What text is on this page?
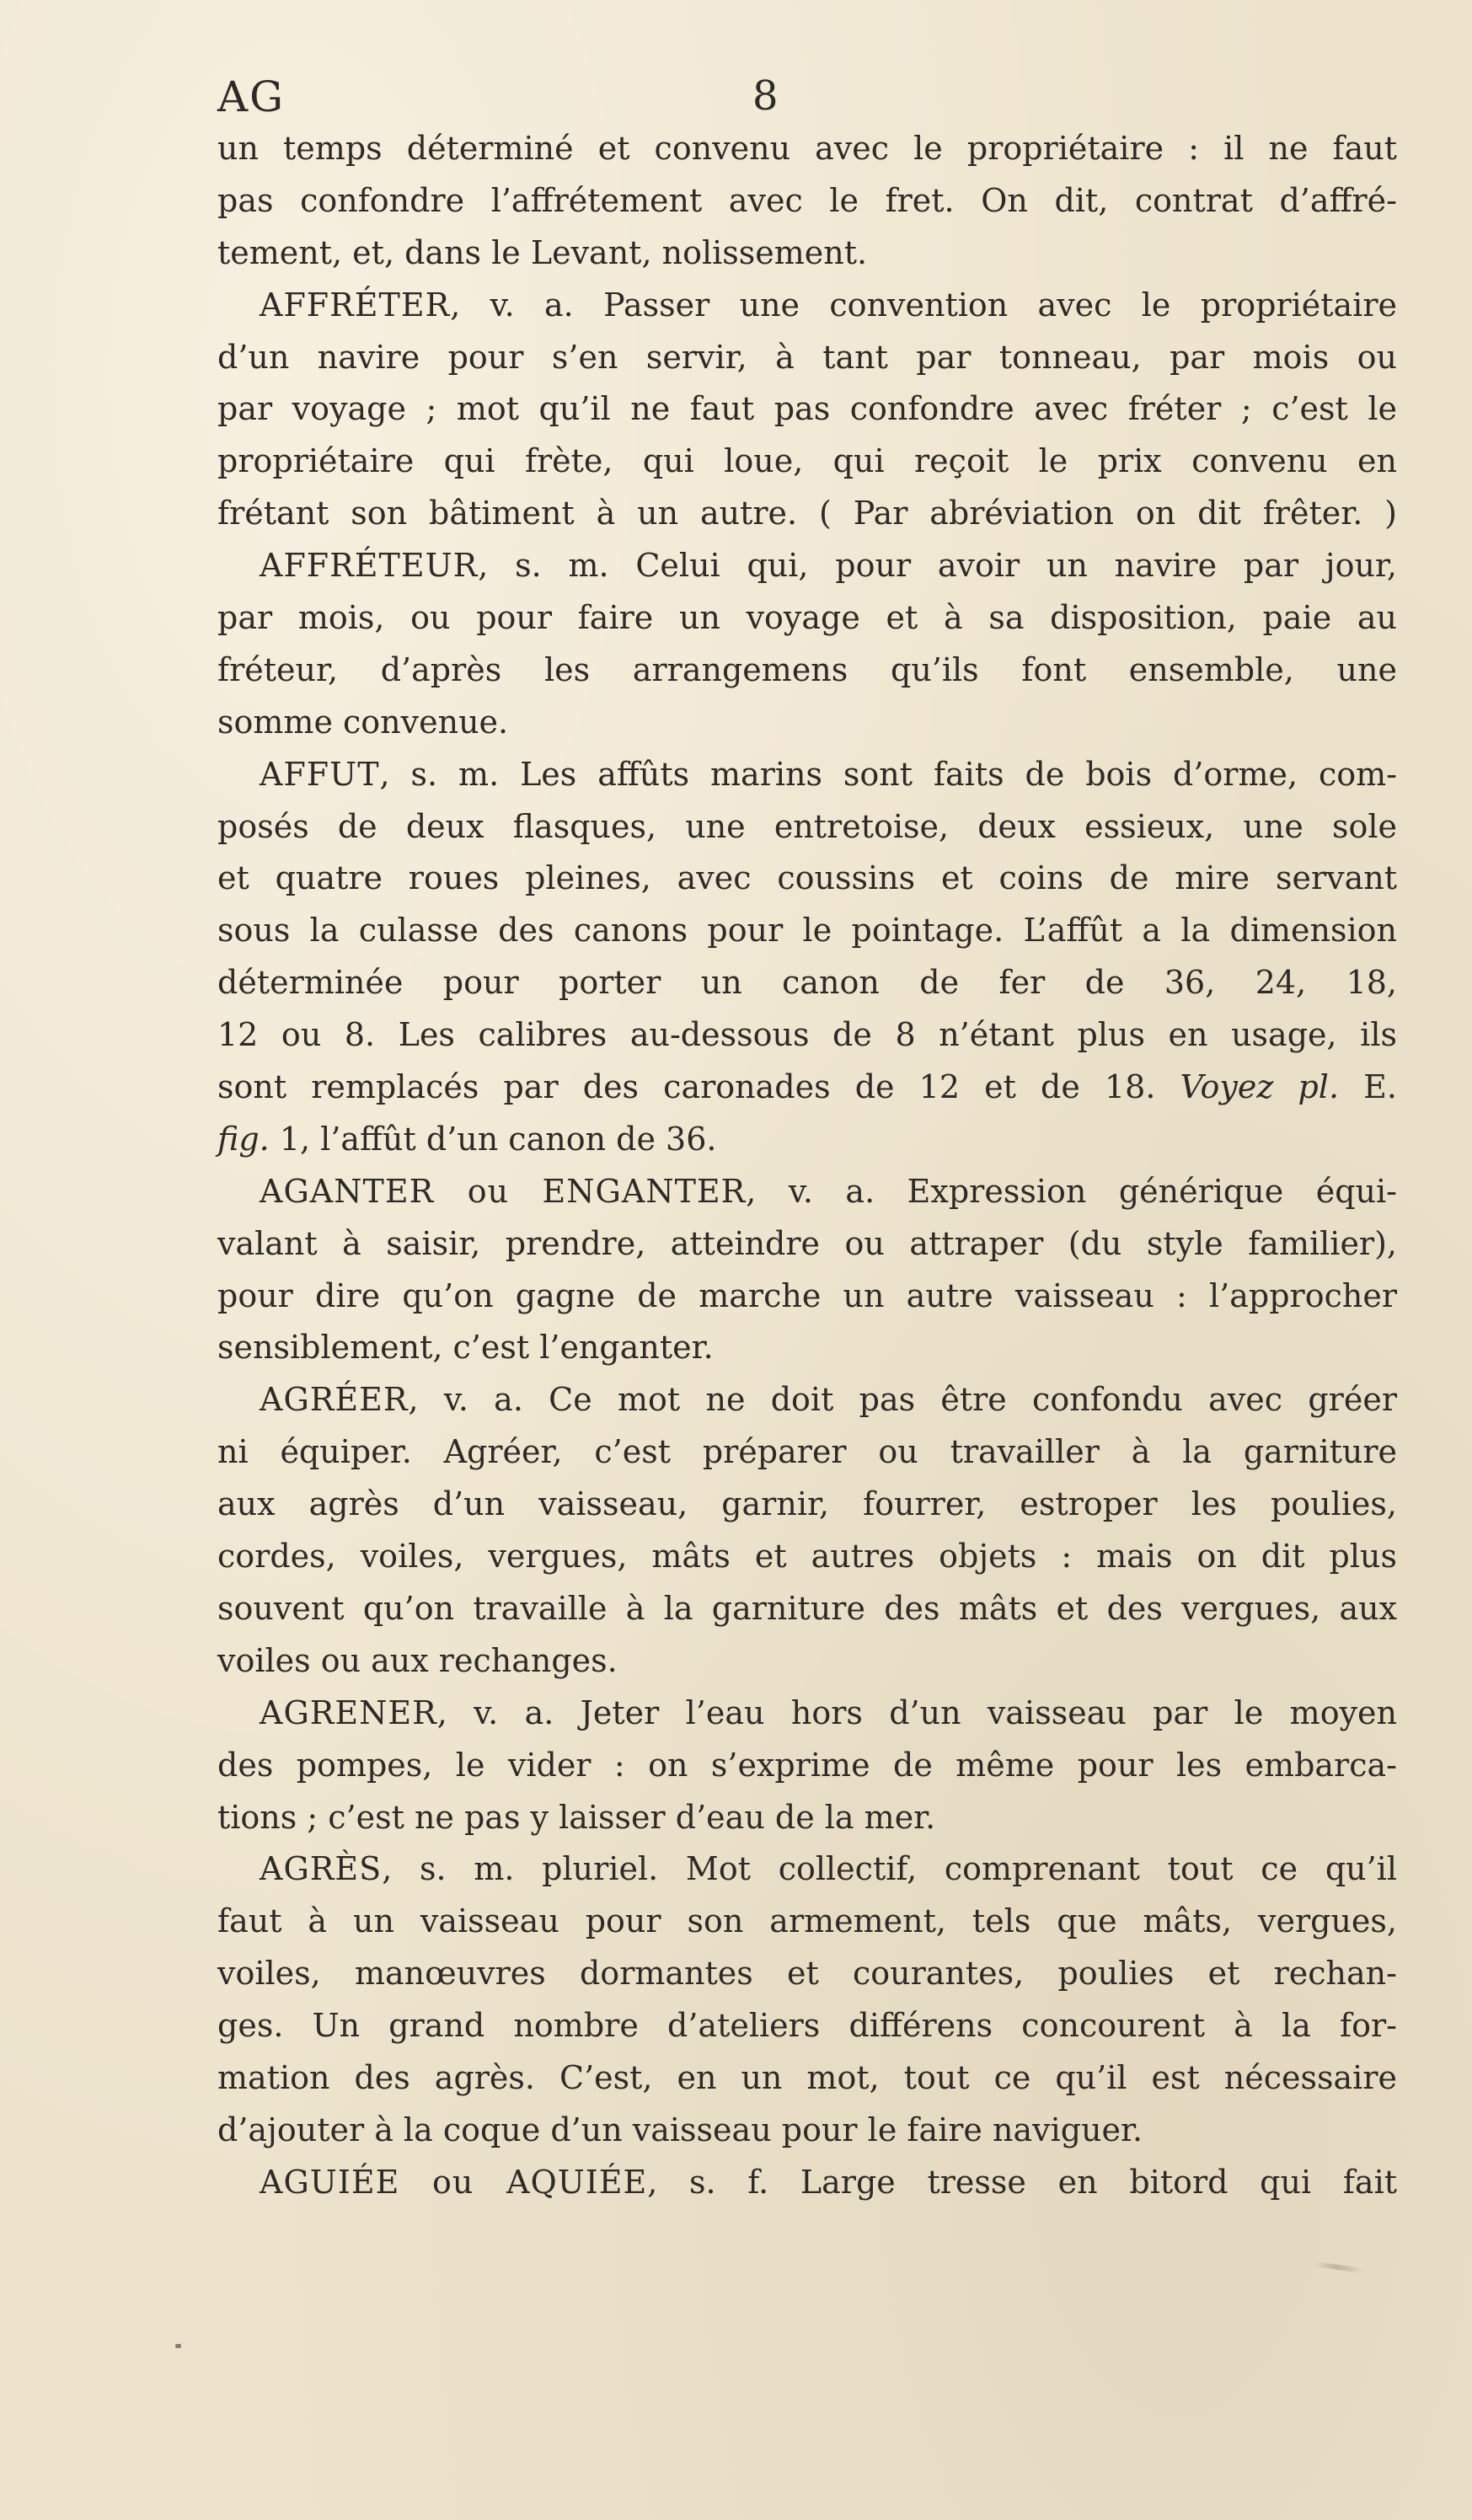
AG	8
un temps déterminé et convenu avec le propriétaire : il ne faut
pas confondre l’affrétement avec le fret. On dit, contrat d’affré-
tement, et, dans le Levant, nolissement.
AFFRÉTER, v. a. Passer une convention avec le propriétaire
d’un navire pour s’en servir, à tant par tonneau, par mois ou
par voyage ; mot qu’il ne faut pas confondre avec fréter ; c’est le
propriétaire qui frète, qui loue, qui reçoit le prix convenu en
frétant son bâtiment à un autre. ( Par abréviation on dit frêter. )
AFFRÉTEUR, s. m. Celui qui, pour avoir un navire par jour,
par mois, ou pour faire un voyage et à sa disposition, paie au
fréteur, d’après les arrangemens qu’ils font ensemble, une
somme convenue.
AFFUT, s. m. Les affûts marins sont faits de bois d’orme, com-
posés de deux flasques, une entretoise, deux essieux, une sole
et quatre roues pleines, avec coussins et coins de mire servant
sous la culasse des canons pour le pointage. L’affût a la dimension
déterminée pour porter un canon de fer de 36, 24, 18,
12 ou 8. Les calibres au-dessous de 8 n’étant plus en usage, ils
sont remplacés par des caronades de 12 et de 18. Voyez pl. E.
fig. 1, l’affût d’un canon de 36.
AGANTER ou ENGANTER, v. a. Expression générique équi-
valant à saisir, prendre, atteindre ou attraper (du style familier),
pour dire qu’on gagne de marche un autre vaisseau : l’approcher
sensiblement, c’est l’enganter.
AGRÉER, v. a. Ce mot ne doit pas être confondu avec gréer
ni équiper. Agréer, c’est préparer ou travailler à la garniture
aux agrès d’un vaisseau, garnir, fourrer, estroper les poulies,
cordes, voiles, vergues, mâts et autres objets : mais on dit plus
souvent qu’on travaille à la garniture des mâts et des vergues, aux
voiles ou aux rechanges.
AGRENER, v. a. Jeter l’eau hors d’un vaisseau par le moyen
des pompes, le vider : on s’exprime de même pour les embarca-
tions ; c’est ne pas y laisser d’eau de la mer.
AGRÈS, s. m. pluriel. Mot collectif, comprenant tout ce qu’il
faut à un vaisseau pour son armement, tels que mâts, vergues,
voiles, manœuvres dormantes et courantes, poulies et rechan-
ges. Un grand nombre d’ateliers différens concourent à la for-
mation des agrès. C’est, en un mot, tout ce qu’il est nécessaire
d’ajouter à la coque d’un vaisseau pour le faire naviguer.
AGUIÉE ou AQUIÉE, s. f. Large tresse en bitord qui fait
